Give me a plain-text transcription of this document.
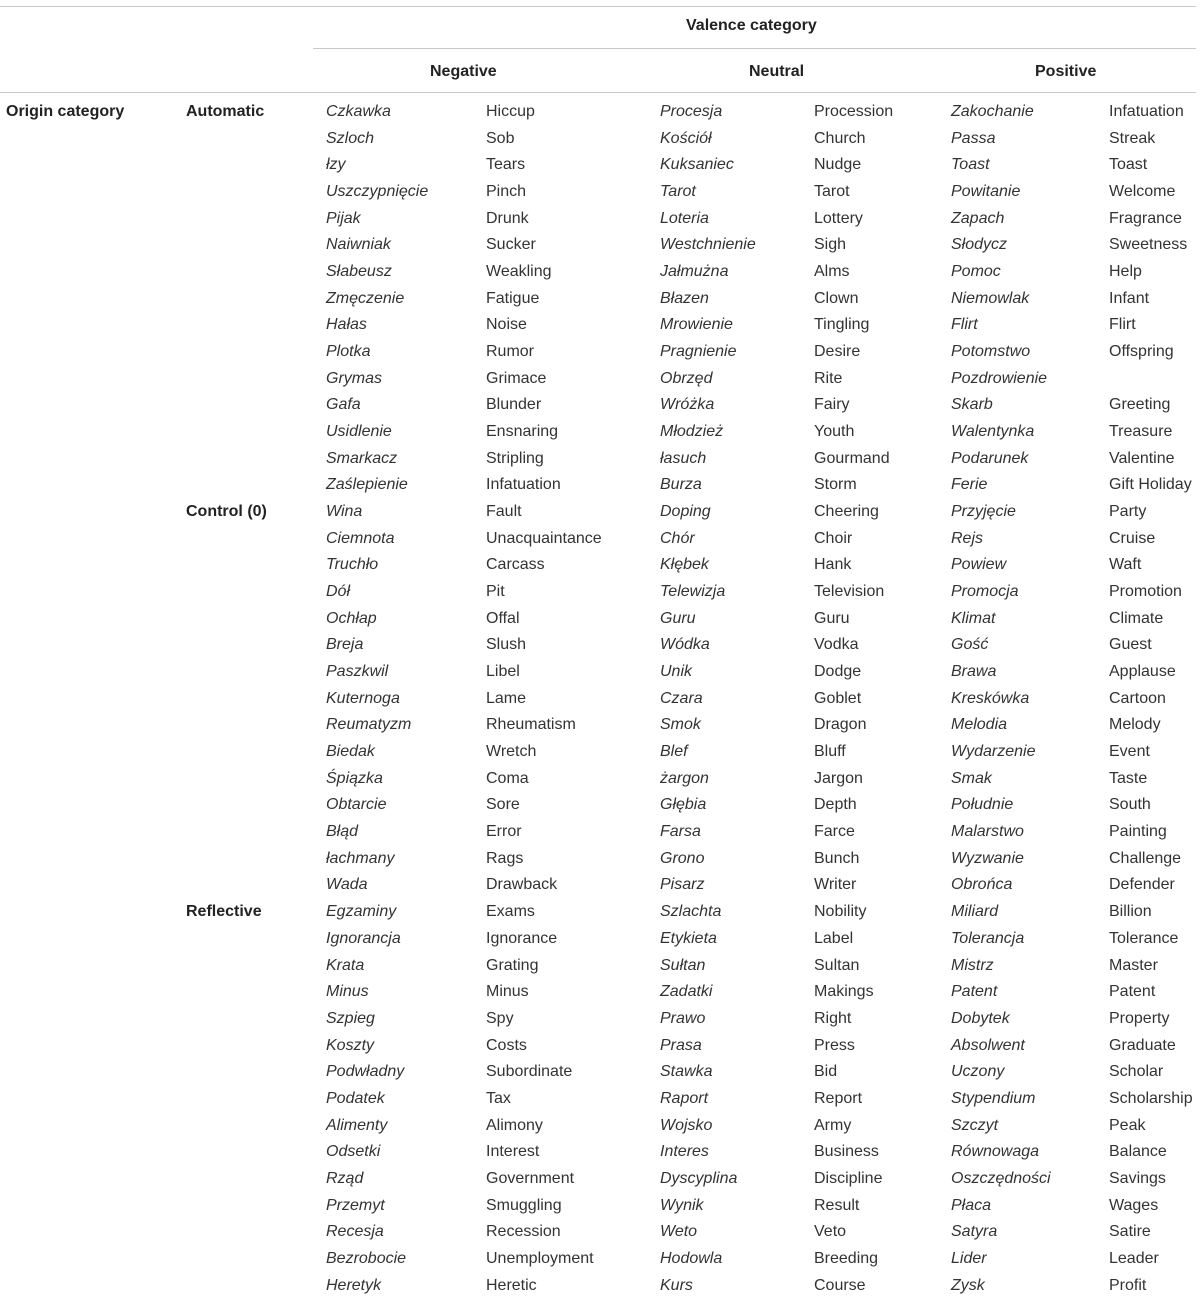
Valence category
Negative	Neutral	Positive
Origin category	Automatic	Czkawka	Hiccup	Procesja	Procession	Zakochanie	Infatuation
Szloch	Sob	Kościół	Church	Passa	Streak
łzy	Tears	Kuksaniec	Nudge	Toast	Toast
Uszczypnięcie	Pinch	Tarot	Tarot	Powitanie	Welcome
Pijak	Drunk	Loteria	Lottery	Zapach	Fragrance
Naiwniak	Sucker	Westchnienie	Sigh	Słodycz	Sweetness
Słabeusz	Weakling	Jałmużna	Alms	Pomoc	Help
Zmęczenie	Fatigue	Błazen	Clown	Niemowlak	Infant
Hałas	Noise	Mrowienie	Tingling	Flirt	Flirt
Plotka	Rumor	Pragnienie	Desire	Potomstwo	Offspring
Grymas	Grimace	Obrzęd	Rite	Pozdrowienie
Gafa	Blunder	Wróżka	Fairy	Skarb	Greeting
Usidlenie	Ensnaring	Młodzież	Youth	Walentynka	Treasure
Smarkacz	Stripling	łasuch	Gourmand	Podarunek	Valentine
Zaślepienie	Infatuation	Burza	Storm	Ferie	Gift Holiday
Control (0)	Wina	Fault	Doping	Cheering	Przyjęcie	Party
Ciemnota	Unacquaintance	Chór	Choir	Rejs	Cruise
Truchło	Carcass	Kłębek	Hank	Powiew	Waft
Dół	Pit	Telewizja	Television	Promocja	Promotion
Ochłap	Offal	Guru	Guru	Klimat	Climate
Breja	Slush	Wódka	Vodka	Gość	Guest
Paszkwil	Libel	Unik	Dodge	Brawa	Applause
Kuternoga	Lame	Czara	Goblet	Kreskówka	Cartoon
Reumatyzm	Rheumatism	Smok	Dragon	Melodia	Melody
Biedak	Wretch	Blef	Bluff	Wydarzenie	Event
Śpiązka	Coma	żargon	Jargon	Smak	Taste
Obtarcie	Sore	Głębia	Depth	Południe	South
Błąd	Error	Farsa	Farce	Malarstwo	Painting
łachmany	Rags	Grono	Bunch	Wyzwanie	Challenge
Wada	Drawback	Pisarz	Writer	Obrońca	Defender
Reflective	Egzaminy	Exams	Szlachta	Nobility	Miliard	Billion
Ignorancja	Ignorance	Etykieta	Label	Tolerancja	Tolerance
Krata	Grating	Sułtan	Sultan	Mistrz	Master
Minus	Minus	Zadatki	Makings	Patent	Patent
Szpieg	Spy	Prawo	Right	Dobytek	Property
Koszty	Costs	Prasa	Press	Absolwent	Graduate
Podwładny	Subordinate	Stawka	Bid	Uczony	Scholar
Podatek	Tax	Raport	Report	Stypendium	Scholarship
Alimenty	Alimony	Wojsko	Army	Szczyt	Peak
Odsetki	Interest	Interes	Business	Równowaga	Balance
Rząd	Government	Dyscyplina	Discipline	Oszczędności	Savings
Przemyt	Smuggling	Wynik	Result	Płaca	Wages
Recesja	Recession	Weto	Veto	Satyra	Satire
Bezrobocie	Unemployment	Hodowla	Breeding	Lider	Leader
Heretyk	Heretic	Kurs	Course	Zysk	Profit
